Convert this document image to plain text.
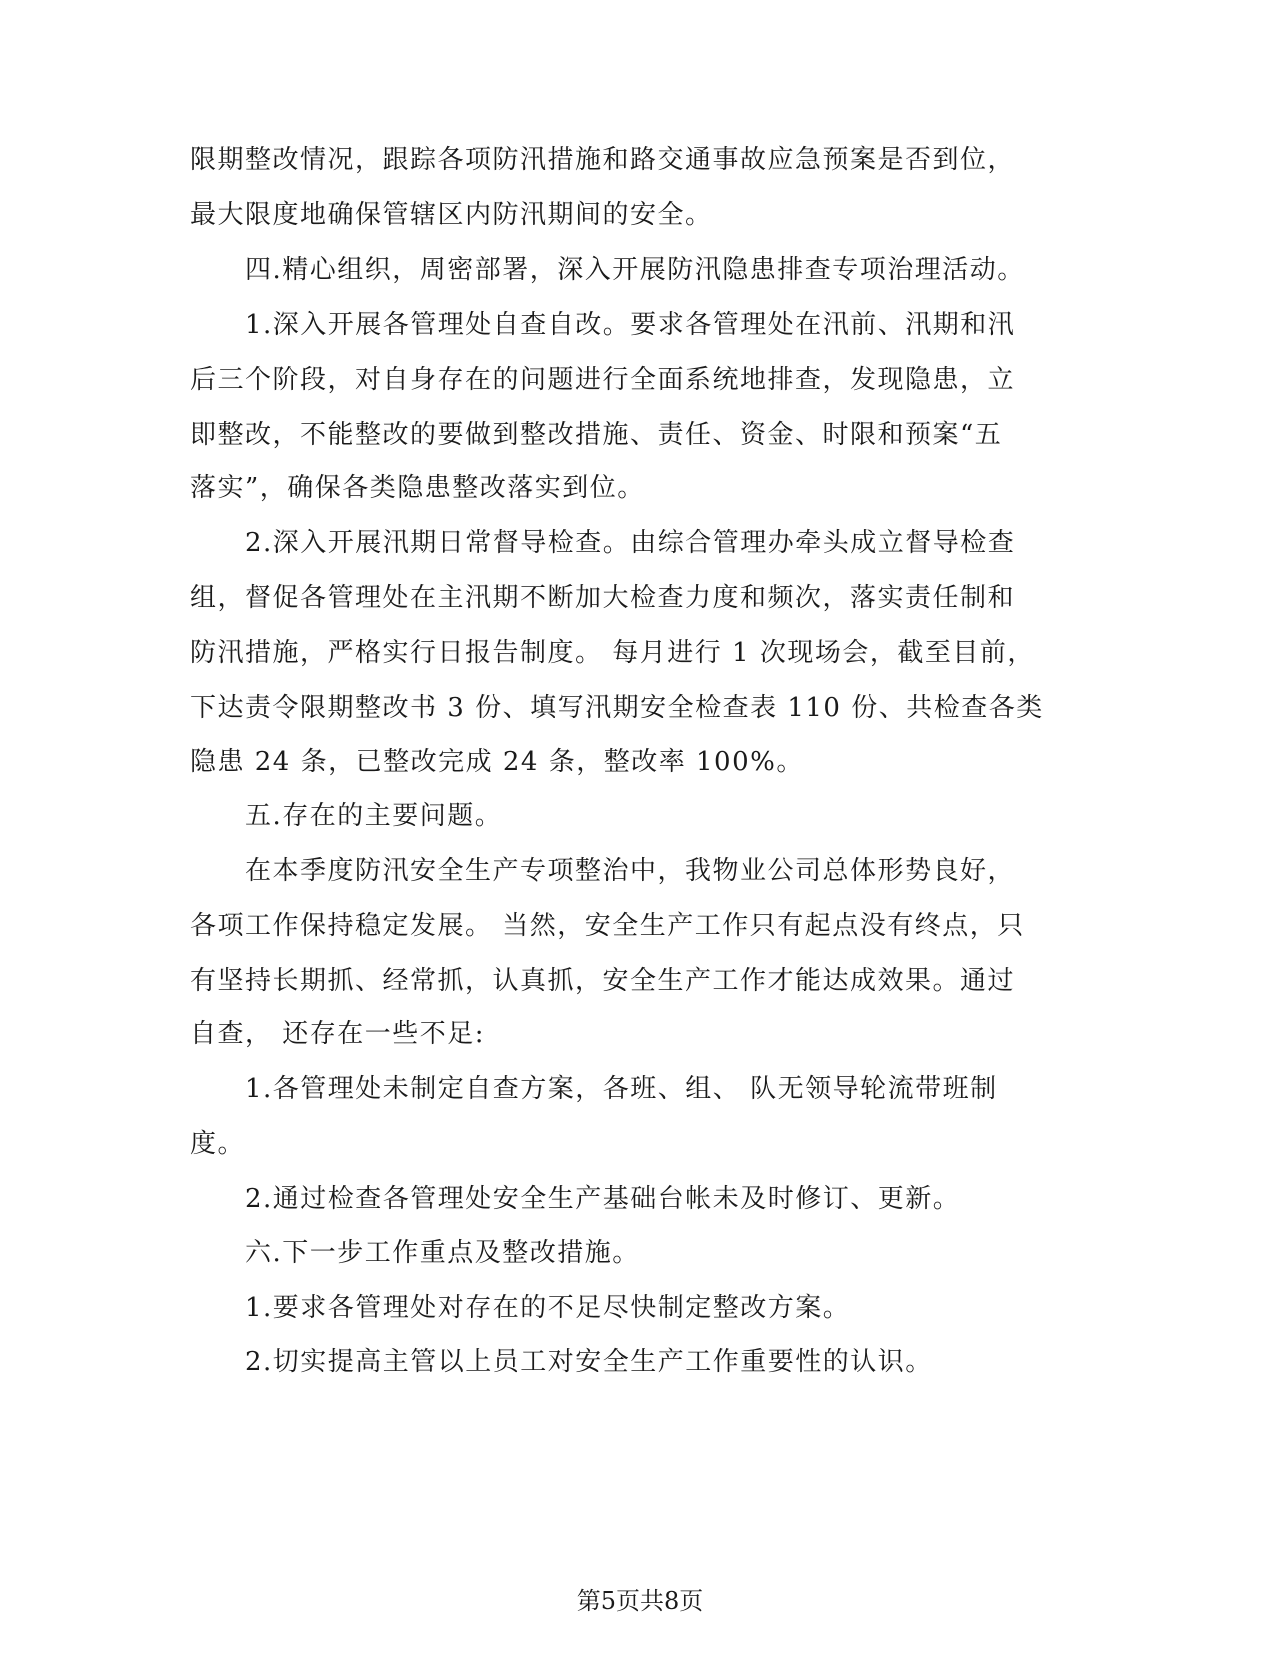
限期整改情况，跟踪各项防汛措施和路交通事故应急预案是否到位，
最大限度地确保管辖区内防汛期间的安全。
四.精心组织，周密部署，深入开展防汛隐患排查专项治理活动。
1.深入开展各管理处自查自改。要求各管理处在汛前、汛期和汛
后三个阶段，对自身存在的问题进行全面系统地排查，发现隐患，立
即整改，不能整改的要做到整改措施、责任、资金、时限和预案“五
落实”，确保各类隐患整改落实到位。
2.深入开展汛期日常督导检查。由综合管理办牵头成立督导检查
组，督促各管理处在主汛期不断加大检查力度和频次，落实责任制和
防汛措施，严格实行日报告制度。 每月进行 1 次现场会，截至目前，
下达责令限期整改书 3 份、填写汛期安全检查表 110 份、共检查各类
隐患 24 条，已整改完成 24 条，整改率 100%。
五.存在的主要问题。
在本季度防汛安全生产专项整治中，我物业公司总体形势良好，
各项工作保持稳定发展。 当然，安全生产工作只有起点没有终点，只
有坚持长期抓、经常抓，认真抓，安全生产工作才能达成效果。通过
自查， 还存在一些不足:
1.各管理处未制定自查方案，各班、组、 队无领导轮流带班制
度。
2.通过检查各管理处安全生产基础台帐未及时修订、更新。
六.下一步工作重点及整改措施。
1.要求各管理处对存在的不足尽快制定整改方案。
2.切实提高主管以上员工对安全生产工作重要性的认识。
第5页共8页
